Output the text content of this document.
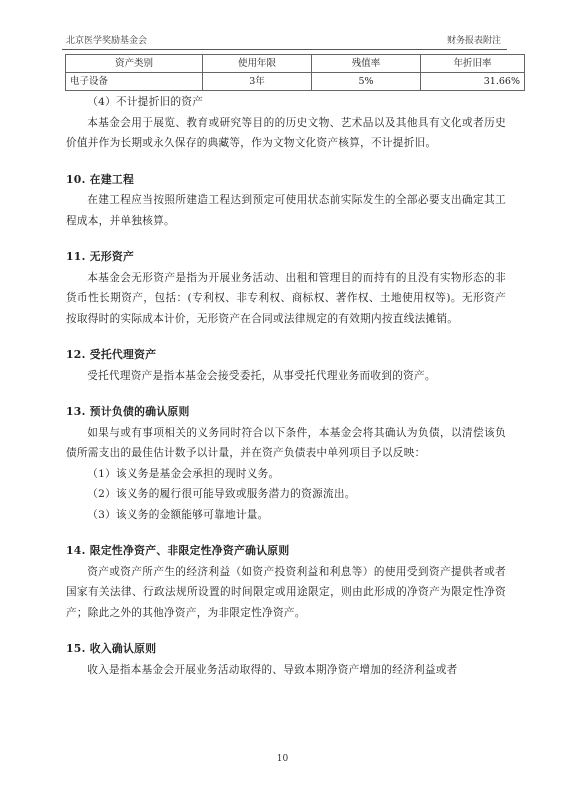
北京医学奖励基金会	财务报表附注
资产类别	使用年限	残值率	年折旧率
电子设备	3年	5%	31.66%

（4）不计提折旧的资产

本基金会用于展览、教育或研究等目的的历史文物、艺术品以及其他具有文化或者历史价值并作为长期或永久保存的典藏等，作为文物文化资产核算，不计提折旧。

10. 在建工程

在建工程应当按照所建造工程达到预定可使用状态前实际发生的全部必要支出确定其工程成本，并单独核算。

11. 无形资产

本基金会无形资产是指为开展业务活动、出租和管理目的而持有的且没有实物形态的非货币性长期资产，包括：(专利权、非专利权、商标权、著作权、土地使用权等)。无形资产按取得时的实际成本计价，无形资产在合同或法律规定的有效期内按直线法摊销。

12. 受托代理资产

受托代理资产是指本基金会接受委托，从事受托代理业务而收到的资产。

13. 预计负债的确认原则

如果与或有事项相关的义务同时符合以下条件，本基金会将其确认为负债，以清偿该负债所需支出的最佳估计数予以计量，并在资产负债表中单列项目予以反映：

（1）该义务是基金会承担的现时义务。

（2）该义务的履行很可能导致或服务潜力的资源流出。

（3）该义务的金额能够可靠地计量。

14. 限定性净资产、非限定性净资产确认原则

资产或资产所产生的经济利益（如资产投资利益和利息等）的使用受到资产提供者或者国家有关法律、行政法规所设置的时间限定或用途限定，则由此形成的净资产为限定性净资产；除此之外的其他净资产，为非限定性净资产。

15. 收入确认原则

收入是指本基金会开展业务活动取得的、导致本期净资产增加的经济利益或者

10
